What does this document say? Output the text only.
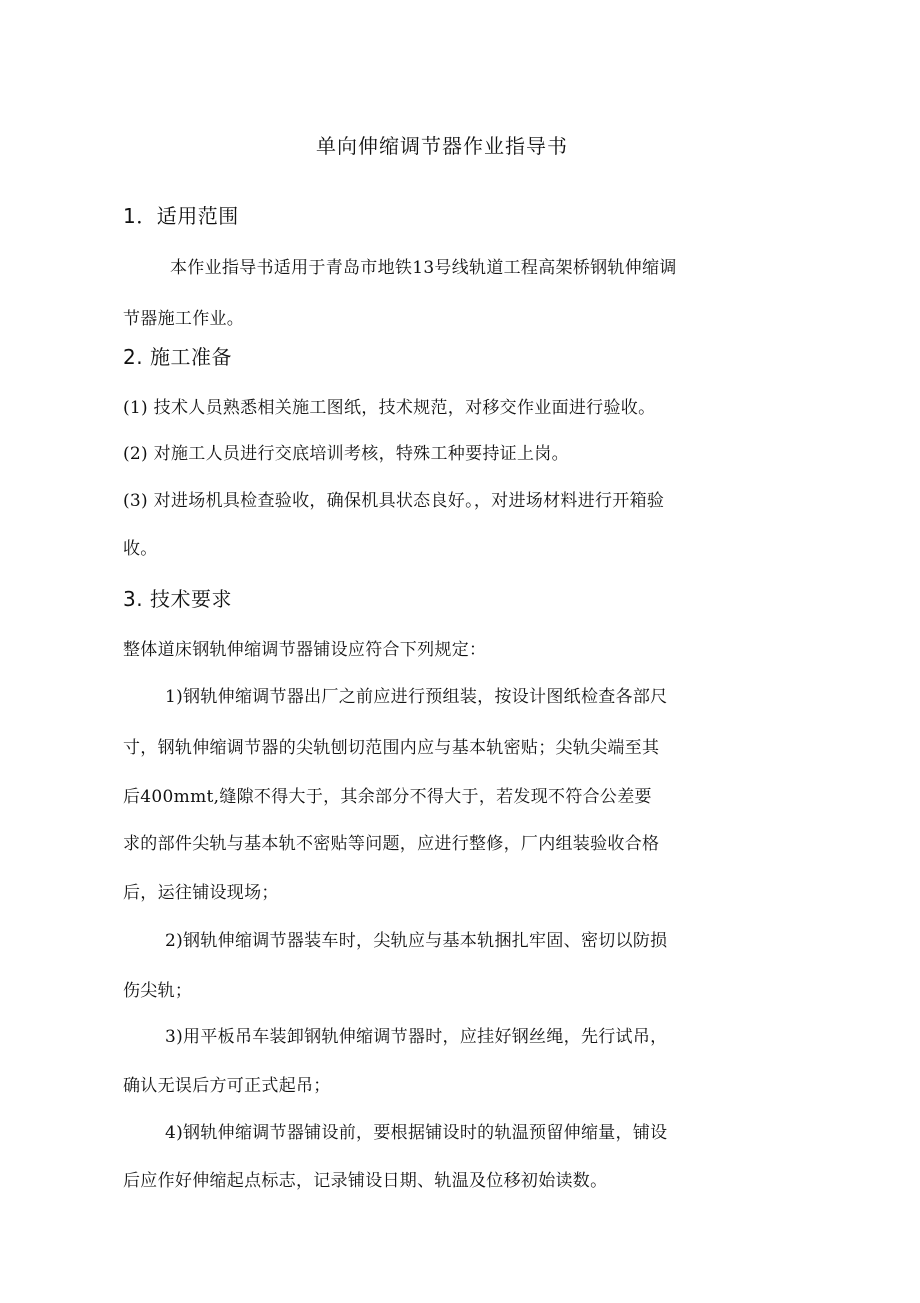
单向伸缩调节器作业指导书
1．适用范围
本作业指导书适用于青岛市地铁13号线轨道工程高架桥钢轨伸缩调
节器施工作业。
2. 施工准备
(1) 技术人员熟悉相关施工图纸，技术规范，对移交作业面进行验收。
(2) 对施工人员进行交底培训考核，特殊工种要持证上岗。
(3) 对进场机具检查验收，确保机具状态良好。，对进场材料进行开箱验
收。
3. 技术要求
整体道床钢轨伸缩调节器铺设应符合下列规定：
1)钢轨伸缩调节器出厂之前应进行预组装，按设计图纸检查各部尺
寸，钢轨伸缩调节器的尖轨刨切范围内应与基本轨密贴；尖轨尖端至其
后400mmt,缝隙不得大于，其余部分不得大于，若发现不符合公差要
求的部件尖轨与基本轨不密贴等问题，应进行整修，厂内组装验收合格
后，运往铺设现场；
2)钢轨伸缩调节器装车时，尖轨应与基本轨捆扎牢固、密切以防损
伤尖轨；
3)用平板吊车装卸钢轨伸缩调节器时，应挂好钢丝绳，先行试吊，
确认无误后方可正式起吊；
4)钢轨伸缩调节器铺设前，要根据铺设时的轨温预留伸缩量，铺设
后应作好伸缩起点标志，记录铺设日期、轨温及位移初始读数。
